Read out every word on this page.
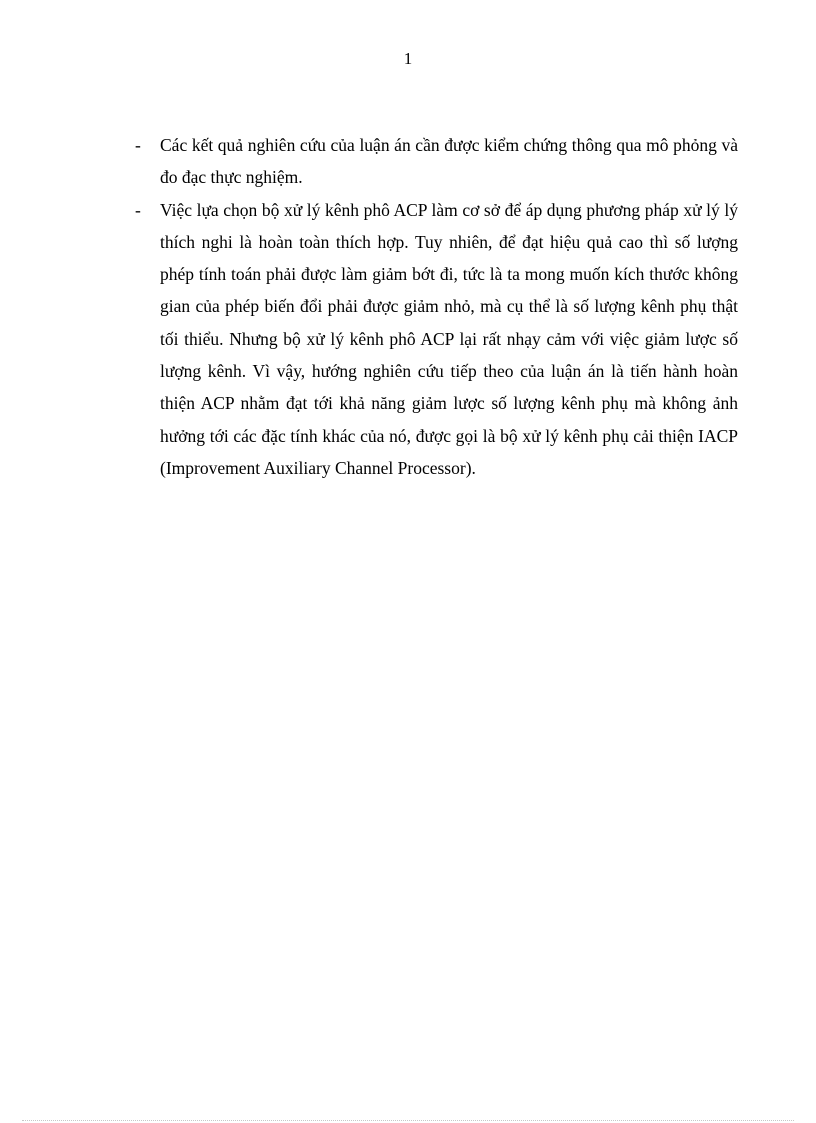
1
- Các kết quả nghiên cứu của luận án cần được kiểm chứng thông qua mô phỏng và đo đạc thực nghiệm.
- Việc lựa chọn bộ xử lý kênh phô ACP làm cơ sở để áp dụng phương pháp xử lý lý thích nghi là hoàn toàn thích hợp. Tuy nhiên, để đạt hiệu quả cao thì số lượng phép tính toán phải được làm giảm bớt đi, tức là ta mong muốn kích thước không gian của phép biến đổi phải được giảm nhỏ, mà cụ thể là số lượng kênh phụ thật tối thiểu. Nhưng bộ xử lý kênh phô ACP lại rất nhạy cảm với việc giảm lược số lượng kênh. Vì vậy, hướng nghiên cứu tiếp theo của luận án là tiến hành hoàn thiện ACP nhằm đạt tới khả năng giảm lược số lượng kênh phụ mà không ảnh hưởng tới các đặc tính khác của nó, được gọi là bộ xử lý kênh phụ cải thiện IACP (Improvement Auxiliary Channel Processor).
